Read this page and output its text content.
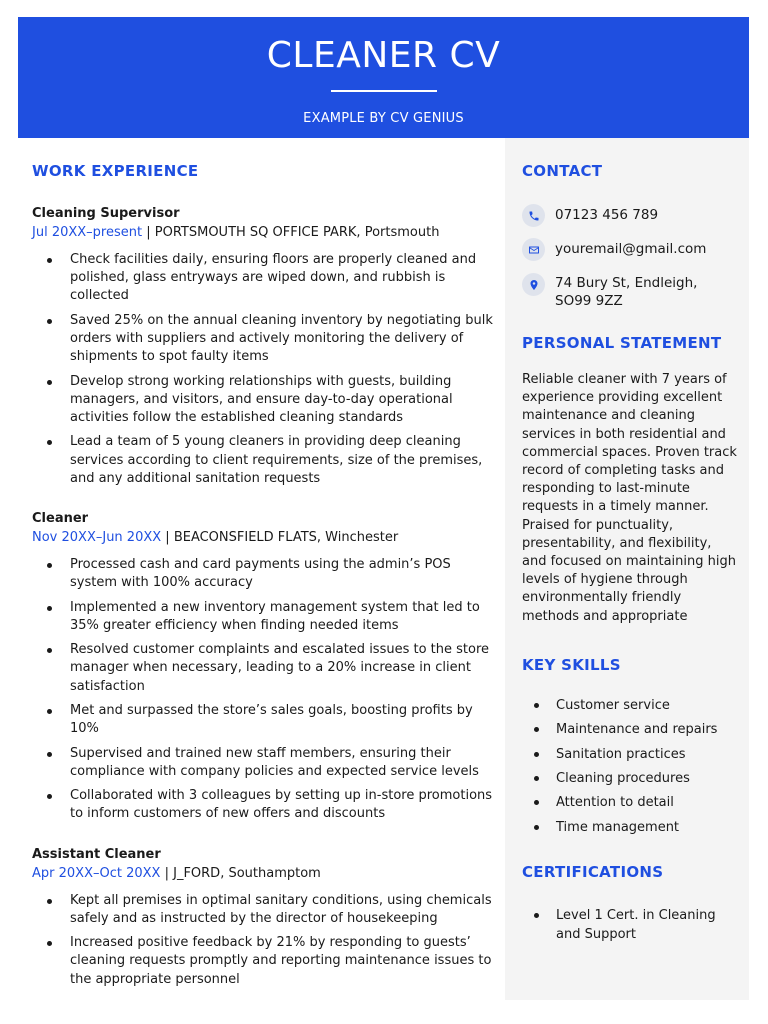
CLEANER CV
EXAMPLE BY CV GENIUS
WORK EXPERIENCE
Cleaning Supervisor
Jul 20XX–present | PORTSMOUTH SQ OFFICE PARK, Portsmouth
Check facilities daily, ensuring floors are properly cleaned and polished, glass entryways are wiped down, and rubbish is collected
Saved 25% on the annual cleaning inventory by negotiating bulk orders with suppliers and actively monitoring the delivery of shipments to spot faulty items
Develop strong working relationships with guests, building managers, and visitors, and ensure day-to-day operational activities follow the established cleaning standards
Lead a team of 5 young cleaners in providing deep cleaning services according to client requirements, size of the premises, and any additional sanitation requests
Cleaner
Nov 20XX–Jun 20XX | BEACONSFIELD FLATS, Winchester
Processed cash and card payments using the admin’s POS system with 100% accuracy
Implemented a new inventory management system that led to 35% greater efficiency when finding needed items
Resolved customer complaints and escalated issues to the store manager when necessary, leading to a 20% increase in client satisfaction
Met and surpassed the store’s sales goals, boosting profits by 10%
Supervised and trained new staff members, ensuring their compliance with company policies and expected service levels
Collaborated with 3 colleagues by setting up in-store promotions to inform customers of new offers and discounts
Assistant Cleaner
Apr 20XX–Oct 20XX | J_FORD, Southamptom
Kept all premises in optimal sanitary conditions, using chemicals safely and as instructed by the director of housekeeping
Increased positive feedback by 21% by responding to guests’ cleaning requests promptly and reporting maintenance issues to the appropriate personnel
CONTACT
07123 456 789
youremail@gmail.com
74 Bury St, Endleigh, SO99 9ZZ
PERSONAL STATEMENT

Reliable cleaner with 7 years of experience providing excellent maintenance and cleaning services in both residential and commercial spaces. Proven track record of completing tasks and responding to last-minute requests in a timely manner. Praised for punctuality, presentability, and flexibility, and focused on maintaining high levels of hygiene through environmentally friendly methods and appropriate

KEY SKILLS
Customer service
Maintenance and repairs
Sanitation practices
Cleaning procedures
Attention to detail
Time management
CERTIFICATIONS
Level 1 Cert. in Cleaning and Support
